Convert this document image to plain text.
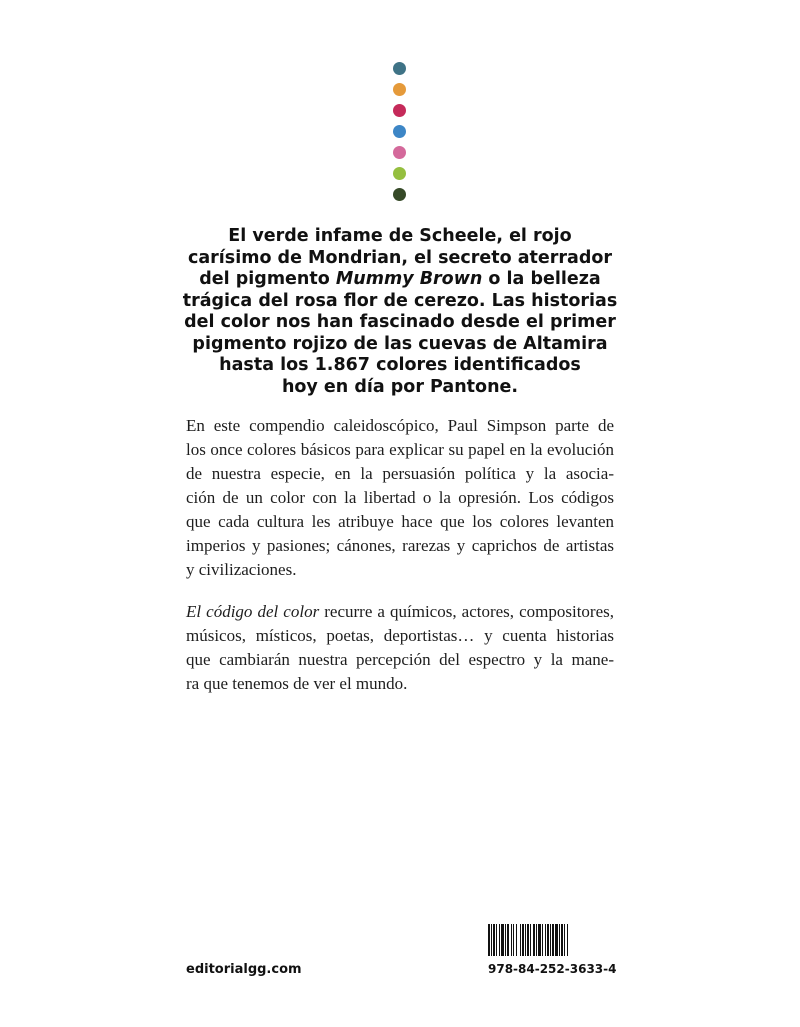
El verde infame de Scheele, el rojo
carísimo de Mondrian, el secreto aterrador
del pigmento Mummy Brown o la belleza
trágica del rosa flor de cerezo. Las historias
del color nos han fascinado desde el primer
pigmento rojizo de las cuevas de Altamira
hasta los 1.867 colores identificados
hoy en día por Pantone.

En este compendio caleidoscópico, Paul Simpson parte de
los once colores básicos para explicar su papel en la evolución
de nuestra especie, en la persuasión política y la asocia-
ción de un color con la libertad o la opresión. Los códigos
que cada cultura les atribuye hace que los colores levanten
imperios y pasiones; cánones, rarezas y caprichos de artistas
y civilizaciones.

El código del color recurre a químicos, actores, compositores,
músicos, místicos, poetas, deportistas… y cuenta historias
que cambiarán nuestra percepción del espectro y la mane-
ra que tenemos de ver el mundo.

editorialgg.com	978-84-252-3633-4
